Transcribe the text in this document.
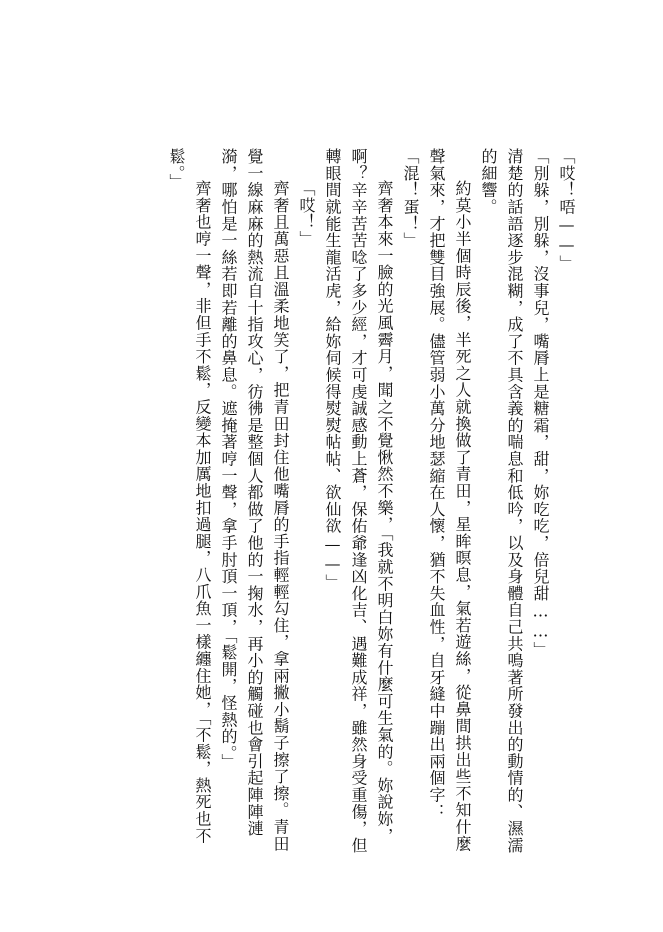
「哎！唔——」

「別躲，別躲，沒事兒，嘴脣上是糖霜，甜，妳吃吃，倍兒甜……」

清楚的話語逐步混糊，成了不具含義的喘息和低吟，以及身體自己共鳴著所發出的動情的、濕濡的細響。

約莫小半個時辰後，半死之人就換做了青田，星眸暝息，氣若遊絲，從鼻間拱出些不知什麼聲氣來，才把雙目強展。儘管弱小萬分地瑟縮在人懷，猶不失血性，自牙縫中蹦出兩個字：「混！蛋！」

齊奢本來一臉的光風霽月，聞之不覺愀然不樂，「我就不明白妳有什麼可生氣的。妳說妳，啊？辛辛苦苦唸了多少經，才可虔誠感動上蒼，保佑爺逢凶化吉、遇難成祥，雖然身受重傷，但轉眼間就能生龍活虎，給妳伺候得熨熨帖帖、欲仙欲——」

「哎！」

齊奢且萬惡且溫柔地笑了，把青田封住他嘴脣的手指輕輕勾住，拿兩撇小鬍子擦了擦。青田覺一線麻麻的熱流自十指攻心，彷彿是整個人都做了他的一掬水，再小的觸碰也會引起陣陣漣漪，哪怕是一絲若即若離的鼻息。遮掩著哼一聲，拿手肘頂一頂，「鬆開，怪熱的。」

齊奢也哼一聲，非但手不鬆，反變本加厲地扣過腿，八爪魚一樣纏住她，「不鬆，熱死也不鬆。」
